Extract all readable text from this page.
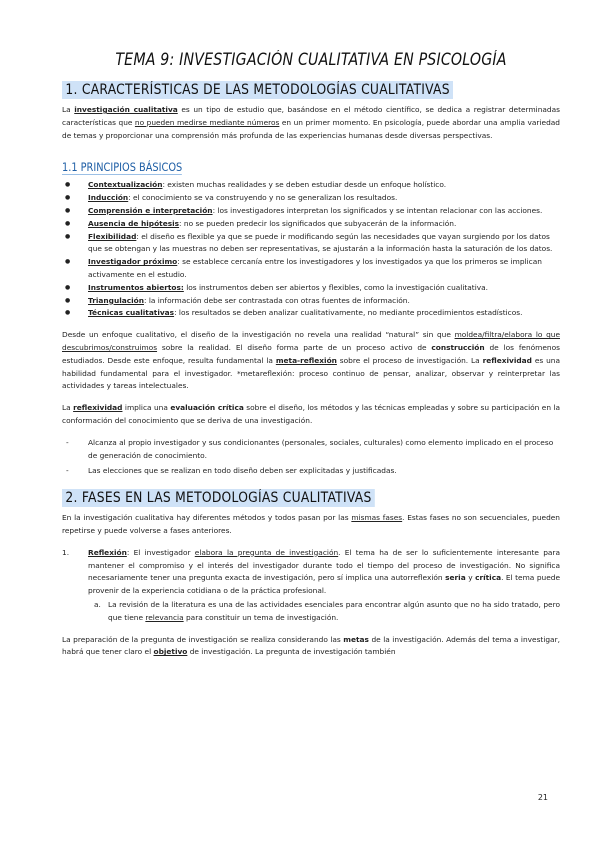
TEMA 9: INVESTIGACIÓN CUALITATIVA EN PSICOLOGÍA
1. CARACTERÍSTICAS DE LAS METODOLOGÍAS CUALITATIVAS

La investigación cualitativa es un tipo de estudio que, basándose en el método científico, se dedica a registrar determinadas características que no pueden medirse mediante números en un primer momento. En psicología, puede abordar una amplia variedad de temas y proporcionar una comprensión más profunda de las experiencias humanas desde diversas perspectivas.

1.1 PRINCIPIOS BÁSICOS
● Contextualización: existen muchas realidades y se deben estudiar desde un enfoque holístico.
● Inducción: el conocimiento se va construyendo y no se generalizan los resultados.
● Comprensión e interpretación: los investigadores interpretan los significados y se intentan relacionar con las acciones.
● Ausencia de hipótesis: no se pueden predecir los significados que subyacerán de la información.
● Flexibilidad: el diseño es flexible ya que se puede ir modificando según las necesidades que vayan surgiendo por los datos que se obtengan y las muestras no deben ser representativas, se ajustarán a la información hasta la saturación de los datos.
● Investigador próximo: se establece cercanía entre los investigadores y los investigados ya que los primeros se implican activamente en el estudio.
● Instrumentos abiertos: los instrumentos deben ser abiertos y flexibles, como la investigación cualitativa.
● Triangulación: la información debe ser contrastada con otras fuentes de información.
● Técnicas cualitativas: los resultados se deben analizar cualitativamente, no mediante procedimientos estadísticos.

Desde un enfoque cualitativo, el diseño de la investigación no revela una realidad “natural” sin que moldea/filtra/elabora lo que descubrimos/construimos sobre la realidad. El diseño forma parte de un proceso activo de construcción de los fenómenos estudiados. Desde este enfoque, resulta fundamental la meta-reflexión sobre el proceso de investigación. La reflexividad es una habilidad fundamental para el investigador. *metareflexión: proceso continuo de pensar, analizar, observar y reinterpretar las actividades y tareas intelectuales.

La reflexividad implica una evaluación crítica sobre el diseño, los métodos y las técnicas empleadas y sobre su participación en la conformación del conocimiento que se deriva de una investigación.

- Alcanza al propio investigador y sus condicionantes (personales, sociales, culturales) como elemento implicado en el proceso de generación de conocimiento.
- Las elecciones que se realizan en todo diseño deben ser explicitadas y justificadas.
2. FASES EN LAS METODOLOGÍAS CUALITATIVAS

En la investigación cualitativa hay diferentes métodos y todos pasan por las mismas fases. Estas fases no son secuenciales, pueden repetirse y puede volverse a fases anteriores.

1.	Reflexión: El investigador elabora la pregunta de investigación. El tema ha de ser lo suficientemente interesante para mantener el compromiso y el interés del investigador durante todo el tiempo del proceso de investigación. No significa necesariamente tener una pregunta exacta de investigación, pero sí implica una autorreflexión seria y crítica. El tema puede provenir de la experiencia cotidiana o de la práctica profesional.
a. La revisión de la literatura es una de las actividades esenciales para encontrar algún asunto que no ha sido tratado, pero que tiene relevancia para constituir un tema de investigación.

La preparación de la pregunta de investigación se realiza considerando las metas de la investigación. Además del tema a investigar, habrá que tener claro el objetivo de investigación. La pregunta de investigación también

21
